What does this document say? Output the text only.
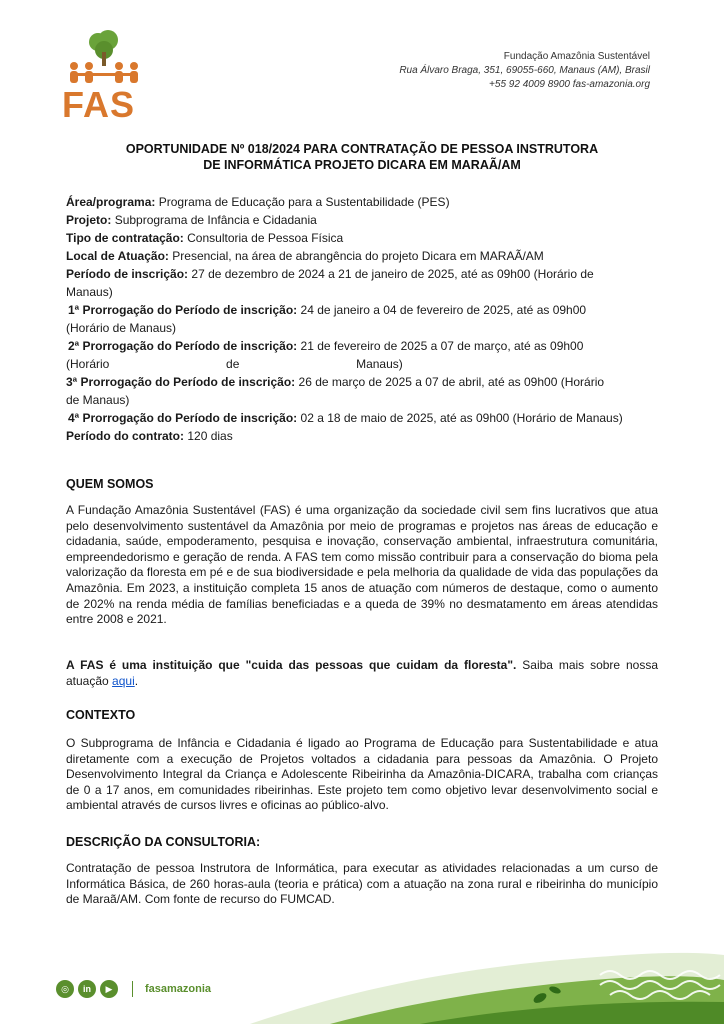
FAS
Fundação Amazônia Sustentável
Rua Álvaro Braga, 351, 69055-660, Manaus (AM), Brasil
+55 92 4009 8900 fas-amazonia.org
OPORTUNIDADE Nº 018/2024 PARA CONTRATAÇÃO DE PESSOA INSTRUTORA
DE INFORMÁTICA PROJETO DICARA EM MARAÃ/AM
Área/programa: Programa de Educação para a Sustentabilidade (PES)
Projeto: Subprograma de Infância e Cidadania
Tipo de contratação: Consultoria de Pessoa Física
Local de Atuação: Presencial, na área de abrangência do projeto Dicara em MARAÃ/AM
Período de inscrição: 27 de dezembro de 2024 a 21 de janeiro de 2025, até as 09h00 (Horário de
Manaus)
1ª Prorrogação do Período de inscrição: 24 de janeiro a 04 de fevereiro de 2025, até as 09h00
(Horário de Manaus)
2ª Prorrogação do Período de inscrição: 21 de fevereiro de 2025 a 07 de março, até as 09h00
(Horário                                   de                                   Manaus)
3ª Prorrogação do Período de inscrição: 26 de março de 2025 a 07 de abril, até as 09h00 (Horário
de Manaus)
4ª Prorrogação do Período de inscrição: 02 a 18 de maio de 2025, até as 09h00 (Horário de Manaus)
Período do contrato: 120 dias
QUEM SOMOS
A Fundação Amazônia Sustentável (FAS) é uma organização da sociedade civil sem fins lucrativos que atua pelo desenvolvimento sustentável da Amazônia por meio de programas e projetos nas áreas de educação e cidadania, saúde, empoderamento, pesquisa e inovação, conservação ambiental, infraestrutura comunitária, empreendedorismo e geração de renda. A FAS tem como missão contribuir para a conservação do bioma pela valorização da floresta em pé e de sua biodiversidade e pela melhoria da qualidade de vida das populações da Amazônia. Em 2023, a instituição completa 15 anos de atuação com números de destaque, como o aumento de 202% na renda média de famílias beneficiadas e a queda de 39% no desmatamento em áreas atendidas entre 2008 e 2021.
A FAS é uma instituição que "cuida das pessoas que cuidam da floresta". Saiba mais sobre nossa atuação aqui.
CONTEXTO
O Subprograma de Infância e Cidadania é ligado ao Programa de Educação para Sustentabilidade e atua diretamente com a execução de Projetos voltados a cidadania para pessoas da Amazônia. O Projeto Desenvolvimento Integral da Criança e Adolescente Ribeirinha da Amazônia-DICARA, trabalha com crianças de 0 a 17 anos, em comunidades ribeirinhas. Este projeto tem como objetivo levar desenvolvimento social e ambiental através de cursos livres e oficinas ao público-alvo.
DESCRIÇÃO DA CONSULTORIA:
Contratação de pessoa Instrutora de Informática, para executar as atividades relacionadas a um curso de Informática Básica, de 260 horas-aula (teoria e prática) com a atuação na zona rural e ribeirinha do município de Maraã/AM. Com fonte de recurso do FUMCAD.
◎	in	▶	fasamazonia
